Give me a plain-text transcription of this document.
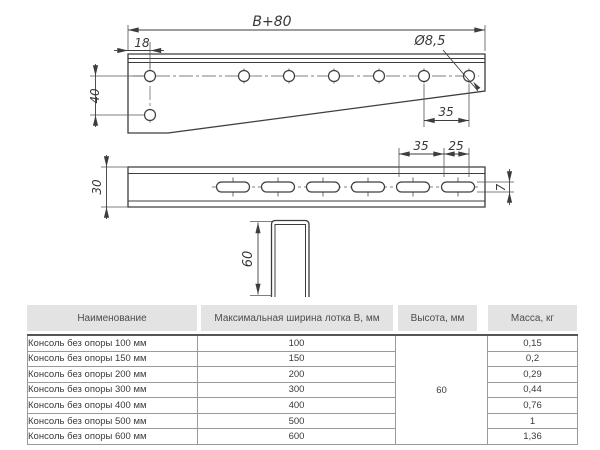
B+80
18
40
Ø8,5
35
35 25
30	7
60
Наименование	Максимальная ширина лотка B, мм	Высота, мм	Масса, кг
Консоль без опоры 100 мм	100	60	0,15
Консоль без опоры 150 мм	150		0,2
Консоль без опоры 200 мм	200		0,29
Консоль без опоры 300 мм	300		0,44
Консоль без опоры 400 мм	400		0,76
Консоль без опоры 500 мм	500		1
Консоль без опоры 600 мм	600		1,36
